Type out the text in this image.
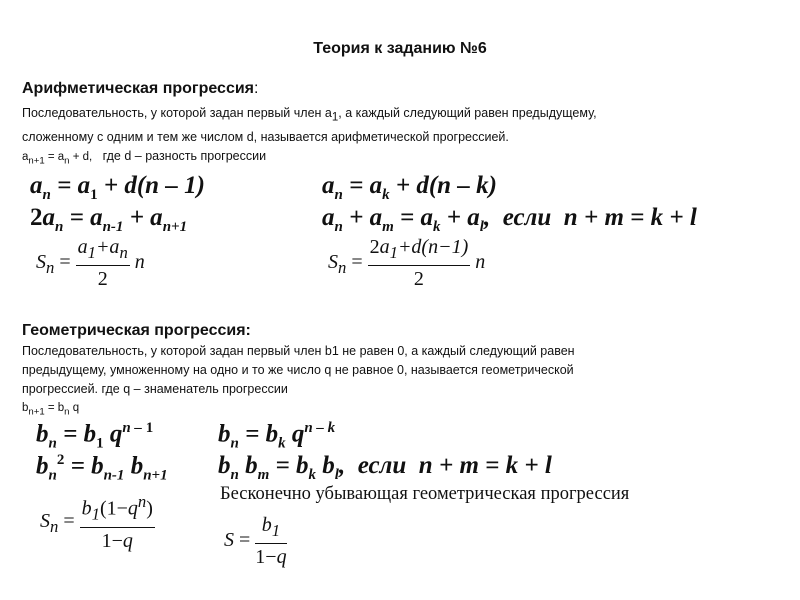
Теория к заданию №6
Арифметическая прогрессия:
Последовательность, у которой задан первый член $a_1$, а каждый следующий равен предыдущему,
сложенному с одним и тем же числом d, называется арифметической прогрессией.
$a_{n+1} = a_n + d$, где d – разность прогрессии
$a_n = a_1 + d(n - 1)$
$2a_n = a_{n-1} + a_{n+1}$
$S_n = \frac{a_1+a_n}{2}$ n
$a_n = a_k + d(n - k)$
$a_n + a_m = a_k + a_l$,  если  n + m = k + l
$S_n = \frac{2a_1+d(n-1)}{2}$ n
Геометрическая прогрессия:
Последовательность, у которой задан первый член b1 не равен 0, а каждый следующий равен
предыдущему, умноженному на одно и то же число q не равное 0, называется геометрической
прогрессией. где q – знаменатель прогрессии
$b_{n+1} = b_n$ q
$b_n = b_1$ $q^{n - 1}$
$b_n^2 = b_{n-1}$ $b_{n+1}$
$S_n = \frac{b_1(1-q^n)}{1-q}$
$b_n = b_k$ $q^{n - k}$
$b_n$ $b_m = b_k$ $b_l$,  если  n + m = k + l
Бесконечно убывающая геометрическая прогрессия
$S = \frac{b_1}{1-q}$
